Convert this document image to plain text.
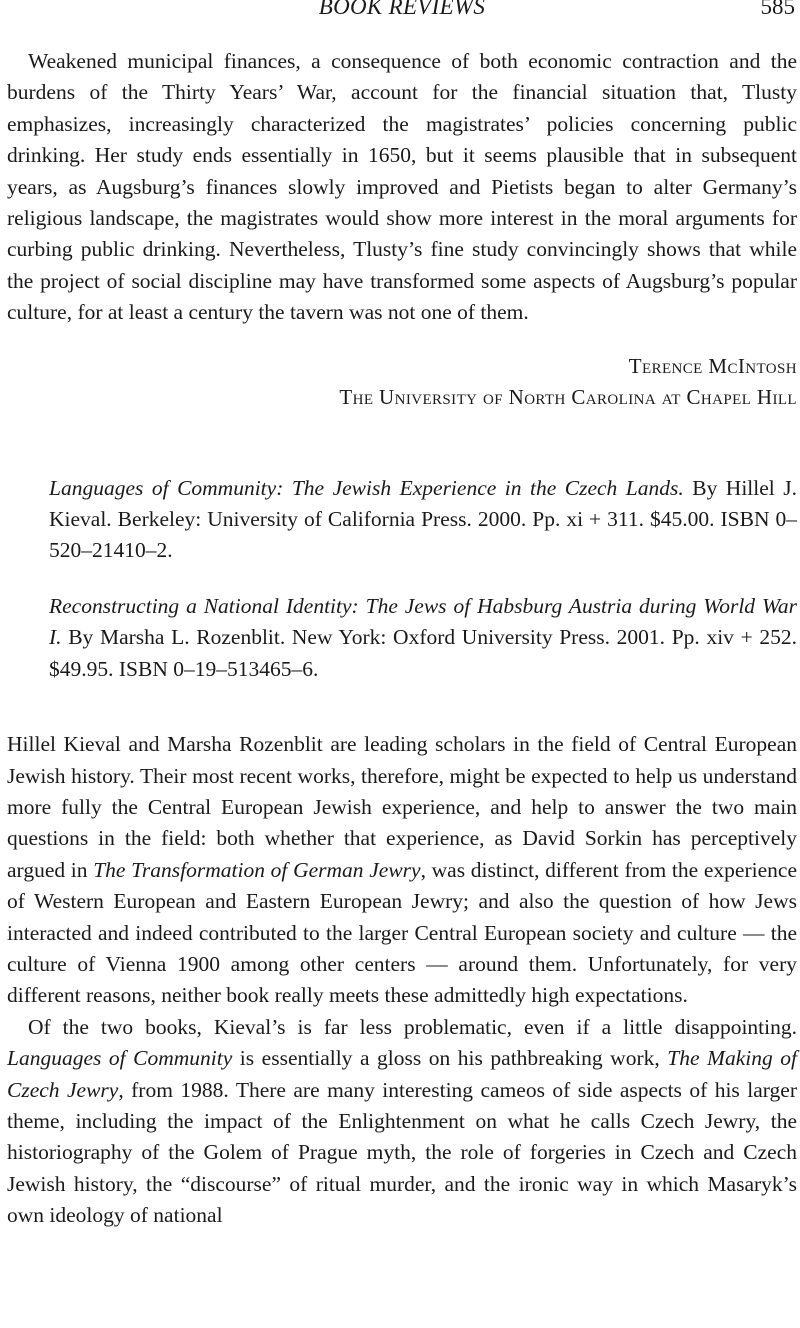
BOOK REVIEWS	585

Weakened municipal finances, a consequence of both economic contraction and the burdens of the Thirty Years’ War, account for the financial situation that, Tlusty emphasizes, increasingly characterized the magistrates’ policies concerning public drinking. Her study ends essentially in 1650, but it seems plausible that in subsequent years, as Augsburg’s finances slowly improved and Pietists began to alter Germany’s religious landscape, the magistrates would show more interest in the moral arguments for curbing public drinking. Nevertheless, Tlusty’s fine study convincingly shows that while the project of social discipline may have transformed some aspects of Augsburg’s popular culture, for at least a century the tavern was not one of them.

Terence McIntosh

The University of North Carolina at Chapel Hill

Languages of Community: The Jewish Experience in the Czech Lands. By Hillel J. Kieval. Berkeley: University of California Press. 2000. Pp. xi + 311. $45.00. ISBN 0–520–21410–2.

Reconstructing a National Identity: The Jews of Habsburg Austria during World War I. By Marsha L. Rozenblit. New York: Oxford University Press. 2001. Pp. xiv + 252. $49.95. ISBN 0–19–513465–6.

Hillel Kieval and Marsha Rozenblit are leading scholars in the field of Central European Jewish history. Their most recent works, therefore, might be expected to help us understand more fully the Central European Jewish experience, and help to answer the two main questions in the field: both whether that experience, as David Sorkin has perceptively argued in The Transformation of German Jewry, was distinct, different from the experience of Western European and Eastern European Jewry; and also the question of how Jews interacted and indeed contributed to the larger Central European society and culture — the culture of Vienna 1900 among other centers — around them. Unfortunately, for very different reasons, neither book really meets these admittedly high expectations.

Of the two books, Kieval’s is far less problematic, even if a little disappointing. Languages of Community is essentially a gloss on his pathbreaking work, The Making of Czech Jewry, from 1988. There are many interesting cameos of side aspects of his larger theme, including the impact of the Enlightenment on what he calls Czech Jewry, the historiography of the Golem of Prague myth, the role of forgeries in Czech and Czech Jewish history, the “discourse” of ritual murder, and the ironic way in which Masaryk’s own ideology of national
